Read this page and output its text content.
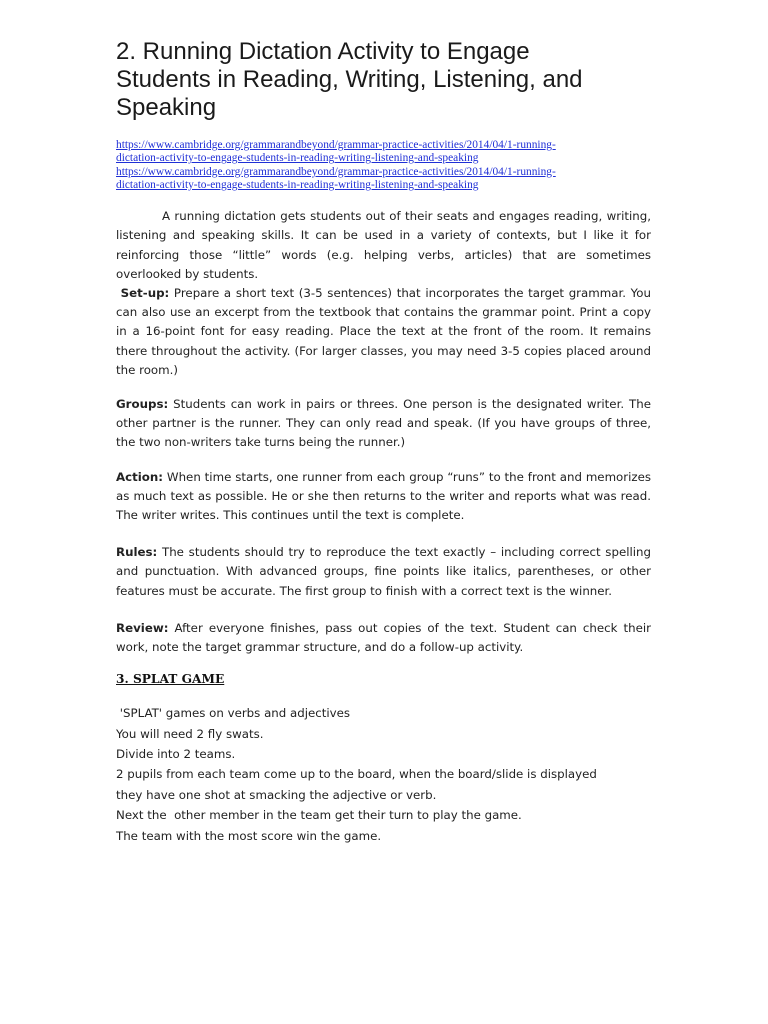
2. Running Dictation Activity to Engage
Students in Reading, Writing, Listening, and
Speaking
https://www.cambridge.org/grammarandbeyond/grammar-practice-activities/2014/04/1-running-
dictation-activity-to-engage-students-in-reading-writing-listening-and-speaking
https://www.cambridge.org/grammarandbeyond/grammar-practice-activities/2014/04/1-running-
dictation-activity-to-engage-students-in-reading-writing-listening-and-speaking

A running dictation gets students out of their seats and engages reading, writing, listening and speaking skills. It can be used in a variety of contexts, but I like it for reinforcing those “little” words (e.g. helping verbs, articles) that are sometimes overlooked by students.

Set-up: Prepare a short text (3-5 sentences) that incorporates the target grammar. You can also use an excerpt from the textbook that contains the grammar point. Print a copy in a 16-point font for easy reading. Place the text at the front of the room. It remains there throughout the activity. (For larger classes, you may need 3-5 copies placed around the room.)

Groups: Students can work in pairs or threes. One person is the designated writer. The other partner is the runner. They can only read and speak. (If you have groups of three, the two non-writers take turns being the runner.)

Action: When time starts, one runner from each group “runs” to the front and memorizes as much text as possible. He or she then returns to the writer and reports what was read. The writer writes. This continues until the text is complete.

Rules: The students should try to reproduce the text exactly – including correct spelling and punctuation. With advanced groups, fine points like italics, parentheses, or other features must be accurate. The first group to finish with a correct text is the winner.

Review: After everyone finishes, pass out copies of the text. Student can check their work, note the target grammar structure, and do a follow-up activity.

3. SPLAT GAME
'SPLAT' games on verbs and adjectives
You will need 2 fly swats.
Divide into 2 teams.
2 pupils from each team come up to the board, when the board/slide is displayed
they have one shot at smacking the adjective or verb.
Next the  other member in the team get their turn to play the game.
The team with the most score win the game.
